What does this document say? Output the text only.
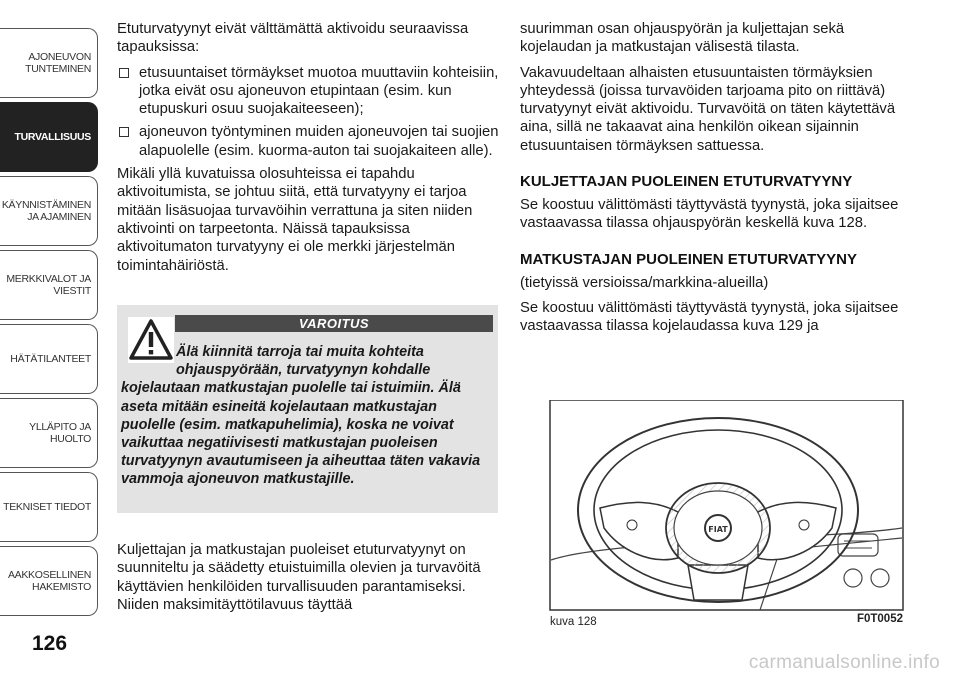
AJONEUVON
TUNTEMINEN
TURVALLISUUS
KÄYNNISTÄMINEN
JA AJAMINEN
MERKKIVALOT JA
VIESTIT
HÄTÄTILANTEET
YLLÄPITO JA HUOLTO
TEKNISET TIEDOT
AAKKOSELLINEN
HAKEMISTO
126

Etuturvatyynyt eivät välttämättä aktivoidu seuraavissa tapauksissa:

etusuuntaiset törmäykset muotoa muuttaviin kohteisiin, jotka eivät osu ajoneuvon etupintaan (esim. kun etupuskuri osuu suojakaiteeseen);
ajoneuvon työntyminen muiden ajoneuvojen tai suojien alapuolelle (esim. kuorma-auton tai suojakaiteen alle).

Mikäli yllä kuvatuissa olosuhteissa ei tapahdu aktivoitumista, se johtuu siitä, että turvatyyny ei tarjoa mitään lisäsuojaa turvavöihin verrattuna ja siten niiden aktivointi on tarpeetonta. Näissä tapauksissa aktivoitumaton turvatyyny ei ole merkki järjestelmän toimintahäiriöstä.

VAROITUS
Älä kiinnitä tarroja tai muita kohteita ohjauspyörään, turvatyynyn kohdalle
kojelautaan matkustajan puolelle tai istuimiin. Älä aseta mitään esineitä kojelautaan matkustajan puolelle (esim. matkapuhelimia), koska ne voivat vaikuttaa negatiivisesti matkustajan puoleisen turvatyynyn avautumiseen ja aiheuttaa täten vakavia vammoja ajoneuvon matkustajille.
Kuljettajan ja matkustajan puoleiset etuturvatyynyt on suunniteltu ja säädetty etuistuimilla olevien ja turvavöitä käyttävien henkilöiden turvallisuuden parantamiseksi. Niiden maksimitäyttötilavuus täyttää

suurimman osan ohjauspyörän ja kuljettajan sekä kojelaudan ja matkustajan välisestä tilasta.

Vakavuudeltaan alhaisten etusuuntaisten törmäyksien yhteydessä (joissa turvavöiden tarjoama pito on riittävä) turvatyynyt eivät aktivoidu. Turvavöitä on täten käytettävä aina, sillä ne takaavat aina henkilön oikean sijainnin etusuuntaisen törmäyksen sattuessa.

KULJETTAJAN PUOLEINEN ETUTURVATYYNY

Se koostuu välittömästi täyttyvästä tyynystä, joka sijaitsee vastaavassa tilassa ohjauspyörän keskellä kuva 128.

MATKUSTAJAN PUOLEINEN ETUTURVATYYNY

(tietyissä versioissa/markkina-alueilla)

Se koostuu välittömästi täyttyvästä tyynystä, joka sijaitsee vastaavassa tilassa kojelaudassa kuva 129 ja

FIAT
kuva 128	F0T0052
carmanualsonline.info
